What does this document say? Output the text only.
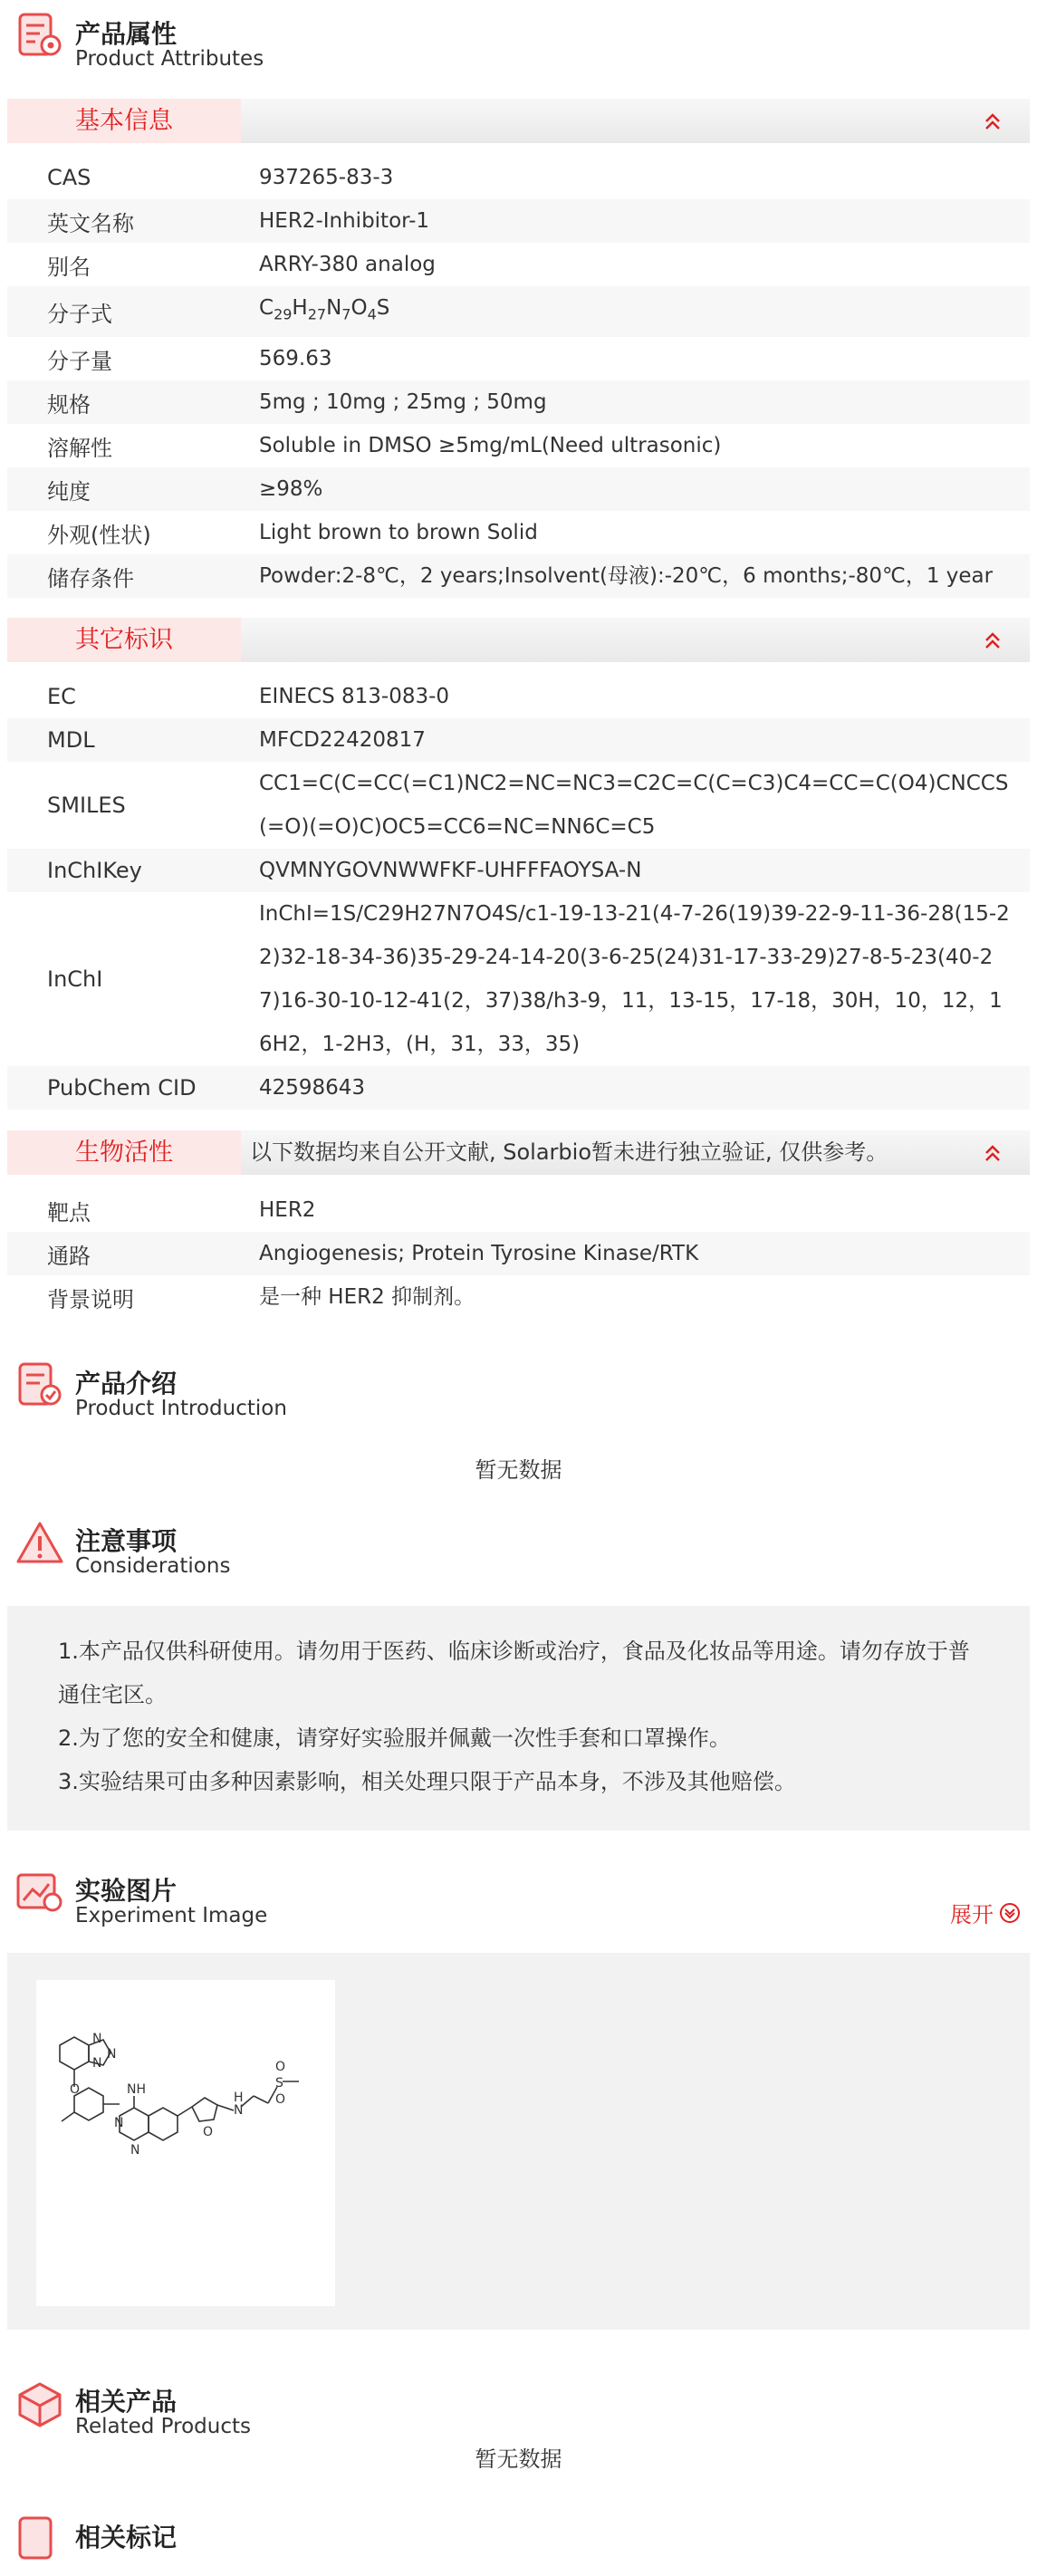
产品属性
Product Attributes
基本信息
CAS	937265-83-3
英文名称	HER2-Inhibitor-1
别名	ARRY-380 analog
分子式	$C_{29}H_{27}N_7O_4S$
分子量	569.63
规格	5mg ; 10mg ; 25mg ; 50mg
溶解性	Soluble in DMSO ≥5mg/mL(Need ultrasonic)
纯度	≥98%
外观(性状)	Light brown to brown Solid
储存条件	Powder:2-8℃，2 years;Insolvent(母液):-20℃，6 months;-80℃，1 year
其它标识
EC	EINECS 813-083-0
MDL	MFCD22420817
SMILES
CC1=C(C=CC(=C1)NC2=NC=NC3=C2C=C(C=C3)C4=CC=C(O4)CNCCS(=O)(=O)C)OC5=CC6=NC=NN6C=C5
InChIKey	QVMNYGOVNWWFKF-UHFFFAOYSA-N
InChI
InChI=1S/C29H27N7O4S/c1-19-13-21(4-7-26(19)39-22-9-11-36-28(15-22)32-18-34-36)35-29-24-14-20(3-6-25(24)31-17-33-29)27-8-5-23(40-27)16-30-10-12-41(2，37)38/h3-9，11，13-15，17-18，30H，10，12，16H2，1-2H3，(H，31，33，35)
PubChem CID	42598643
生物活性	以下数据均来自公开文献, Solarbio暂未进行独立验证, 仅供参考。
靶点	HER2
通路	Angiogenesis; Protein Tyrosine Kinase/RTK
背景说明	是一种 HER2 抑制剂。
产品介绍
Product Introduction
暂无数据
注意事项
Considerations

1.本产品仅供科研使用。请勿用于医药、临床诊断或治疗，食品及化妆品等用途。请勿存放于普通住宅区。

2.为了您的安全和健康，请穿好实验服并佩戴一次性手套和口罩操作。

3.实验结果可由多种因素影响，相关处理只限于产品本身，不涉及其他赔偿。

实验图片
Experiment Image	展开
N
N
N
O	NH
N
N
O
N
H
S
O
O
相关产品
Related Products
暂无数据
相关标记
